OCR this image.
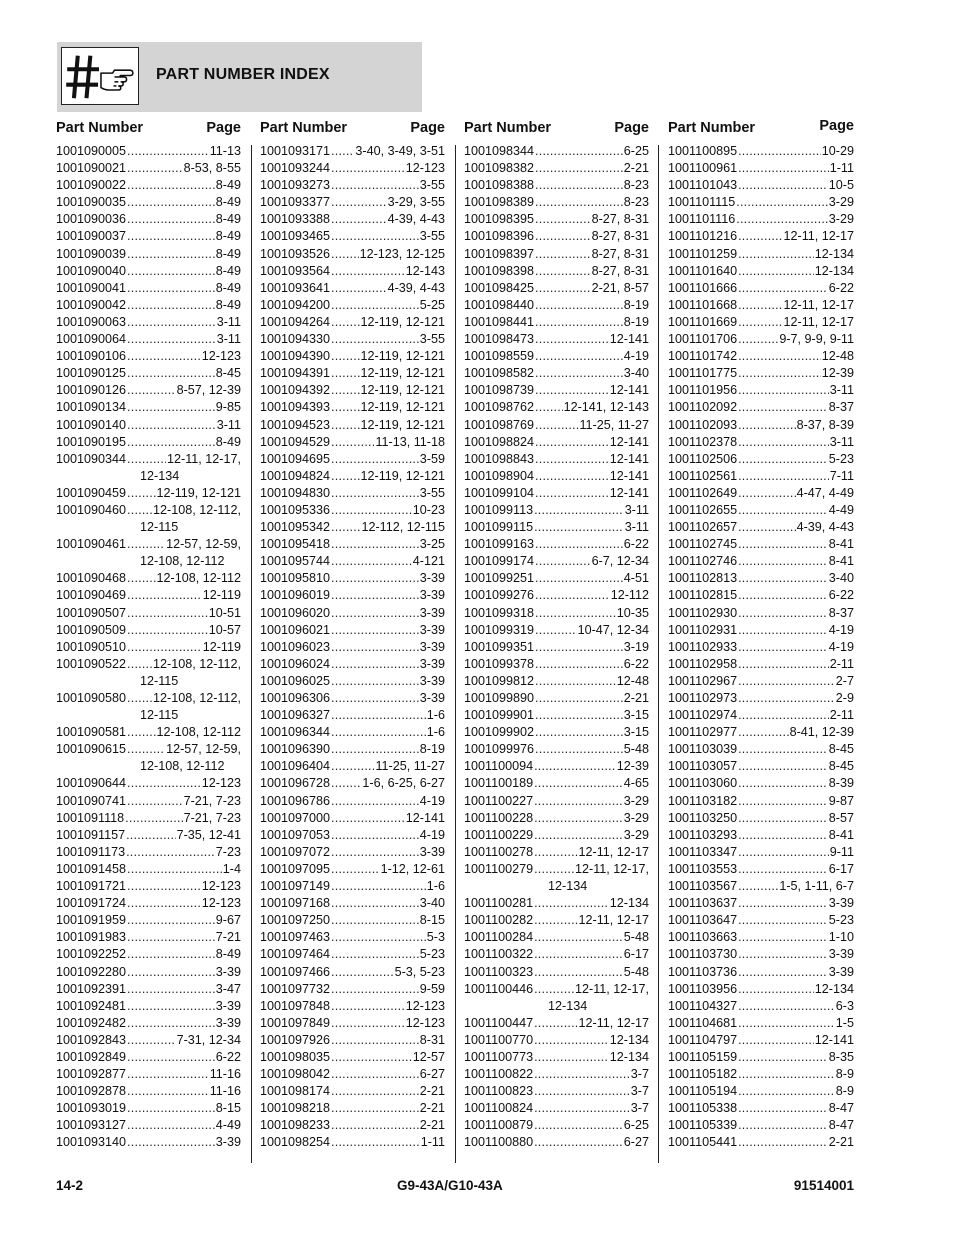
PART NUMBER INDEX
Part Number	Page
1001090005 .....	11-13
1001090021 .....	8-53, 8-55
1001090022 .....	8-49
1001090035 .....	8-49
1001090036 .....	8-49
1001090037 .....	8-49
1001090039 .....	8-49
1001090040 .....	8-49
1001090041 .....	8-49
1001090042 .....	8-49
1001090063 .....	3-11
1001090064 .....	3-11
1001090106 .....	12-123
1001090125 .....	8-45
1001090126 .....	8-57, 12-39
1001090134 .....	9-85
1001090140 .....	3-11
1001090195 .....	8-49
1001090344 .....	12-11, 12-17,
12-134
1001090459 ..... 12-119, 12-121
1001090460 ..... 12-108, 12-112,
12-115
1001090461 .....	12-57, 12-59,
12-108, 12-112
1001090468 ..... 12-108, 12-112
1001090469 .....	12-119
1001090507 .....	10-51
1001090509 .....	10-57
1001090510 .....	12-119
1001090522 ..... 12-108, 12-112,
12-115
1001090580 ..... 12-108, 12-112,
12-115
1001090581 ..... 12-108, 12-112
1001090615 .....	12-57, 12-59,
12-108, 12-112
1001090644 .....	12-123
1001090741 .....	7-21, 7-23
1001091118 .....	7-21, 7-23
1001091157 .....	7-35, 12-41
1001091173 .....	7-23
1001091458 .....	1-4
1001091721 .....	12-123
1001091724 .....	12-123
1001091959 .....	9-67
1001091983 .....	7-21
1001092252 .....	8-49
1001092280 .....	3-39
1001092391 .....	3-47
1001092481 .....	3-39
1001092482 .....	3-39
1001092843 .....	7-31, 12-34
1001092849 .....	6-22
1001092877 .....	11-16
1001092878 .....	11-16
1001093019 .....	8-15
1001093127 .....	4-49
1001093140 .....	3-39
Part Number	Page
1001093171 ..... 3-40, 3-49, 3-51
1001093244 .....	12-123
1001093273 .....	3-55
1001093377 .....	3-29, 3-55
1001093388 .....	4-39, 4-43
1001093465 .....	3-55
1001093526 ..... 12-123, 12-125
1001093564 .....	12-143
1001093641 .....	4-39, 4-43
1001094200 .....	5-25
1001094264 ..... 12-119, 12-121
1001094330 .....	3-55
1001094390 ..... 12-119, 12-121
1001094391 ..... 12-119, 12-121
1001094392 ..... 12-119, 12-121
1001094393 ..... 12-119, 12-121
1001094523 ..... 12-119, 12-121
1001094529 .....	11-13, 11-18
1001094695 .....	3-59
1001094824 ..... 12-119, 12-121
1001094830 .....	3-55
1001095336 .....	10-23
1001095342 ..... 12-112, 12-115
1001095418 .....	3-25
1001095744 .....	4-121
1001095810 .....	3-39
1001096019 .....	3-39
1001096020 .....	3-39
1001096021 .....	3-39
1001096023 .....	3-39
1001096024 .....	3-39
1001096025 .....	3-39
1001096306 .....	3-39
1001096327 .....	1-6
1001096344 .....	1-6
1001096390 .....	8-19
1001096404 .....	11-25, 11-27
1001096728 .....	1-6, 6-25, 6-27
1001096786 .....	4-19
1001097000 .....	12-141
1001097053 .....	4-19
1001097072 .....	3-39
1001097095 .....	1-12, 12-61
1001097149 .....	1-6
1001097168 .....	3-40
1001097250 .....	8-15
1001097463 .....	5-3
1001097464 .....	5-23
1001097466 .....	5-3, 5-23
1001097732 .....	9-59
1001097848 .....	12-123
1001097849 .....	12-123
1001097926 .....	8-31
1001098035 .....	12-57
1001098042 .....	6-27
1001098174 .....	2-21
1001098218 .....	2-21
1001098233 .....	2-21
1001098254 .....	1-11
Part Number	Page
1001098344 .....	6-25
1001098382 .....	2-21
1001098388 .....	8-23
1001098389 .....	8-23
1001098395 .....	8-27, 8-31
1001098396 .....	8-27, 8-31
1001098397 .....	8-27, 8-31
1001098398 .....	8-27, 8-31
1001098425 .....	2-21, 8-57
1001098440 .....	8-19
1001098441 .....	8-19
1001098473 .....	12-141
1001098559 .....	4-19
1001098582 .....	3-40
1001098739 .....	12-141
1001098762 ..... 12-141, 12-143
1001098769 .....	11-25, 11-27
1001098824 .....	12-141
1001098843 .....	12-141
1001098904 .....	12-141
1001099104 .....	12-141
1001099113 .....	3-11
1001099115 .....	3-11
1001099163 .....	6-22
1001099174 .....	6-7, 12-34
1001099251 .....	4-51
1001099276 .....	12-112
1001099318 .....	10-35
1001099319 .....	10-47, 12-34
1001099351 .....	3-19
1001099378 .....	6-22
1001099812 .....	12-48
1001099890 .....	2-21
1001099901 .....	3-15
1001099902 .....	3-15
1001099976 .....	5-48
1001100094 .....	12-39
1001100189 .....	4-65
1001100227 .....	3-29
1001100228 .....	3-29
1001100229 .....	3-29
1001100278 .....	12-11, 12-17
1001100279 .....	12-11, 12-17,
12-134
1001100281 .....	12-134
1001100282 .....	12-11, 12-17
1001100284 .....	5-48
1001100322 .....	6-17
1001100323 .....	5-48
1001100446 .....	12-11, 12-17,
12-134
1001100447 .....	12-11, 12-17
1001100770 .....	12-134
1001100773 .....	12-134
1001100822 .....	3-7
1001100823 .....	3-7
1001100824 .....	3-7
1001100879 .....	6-25
1001100880 .....	6-27
Part Number	Page
1001100895 .....	10-29
1001100961 .....	1-11
1001101043 .....	10-5
1001101115 .....	3-29
1001101116 .....	3-29
1001101216 .....	12-11, 12-17
1001101259 .....	12-134
1001101640 .....	12-134
1001101666 .....	6-22
1001101668 .....	12-11, 12-17
1001101669 .....	12-11, 12-17
1001101706 .....	9-7, 9-9, 9-11
1001101742 .....	12-48
1001101775 .....	12-39
1001101956 .....	3-11
1001102092 .....	8-37
1001102093 .....	8-37, 8-39
1001102378 .....	3-11
1001102506 .....	5-23
1001102561 .....	7-11
1001102649 .....	4-47, 4-49
1001102655 .....	4-49
1001102657 .....	4-39, 4-43
1001102745 .....	8-41
1001102746 .....	8-41
1001102813 .....	3-40
1001102815 .....	6-22
1001102930 .....	8-37
1001102931 .....	4-19
1001102933 .....	4-19
1001102958 .....	2-11
1001102967 .....	2-7
1001102973 .....	2-9
1001102974 .....	2-11
1001102977 .....	8-41, 12-39
1001103039 .....	8-45
1001103057 .....	8-45
1001103060 .....	8-39
1001103182 .....	9-87
1001103250 .....	8-57
1001103293 .....	8-41
1001103347 .....	9-11
1001103553 .....	6-17
1001103567 .....	1-5, 1-11, 6-7
1001103637 .....	3-39
1001103647 .....	5-23
1001103663 .....	1-10
1001103730 .....	3-39
1001103736 .....	3-39
1001103956 .....	12-134
1001104327 .....	6-3
1001104681 .....	1-5
1001104797 .....	12-141
1001105159 .....	8-35
1001105182 .....	8-9
1001105194 .....	8-9
1001105338 .....	8-47
1001105339 .....	8-47
1001105441 .....	2-21
14-2	G9-43A/G10-43A	91514001
